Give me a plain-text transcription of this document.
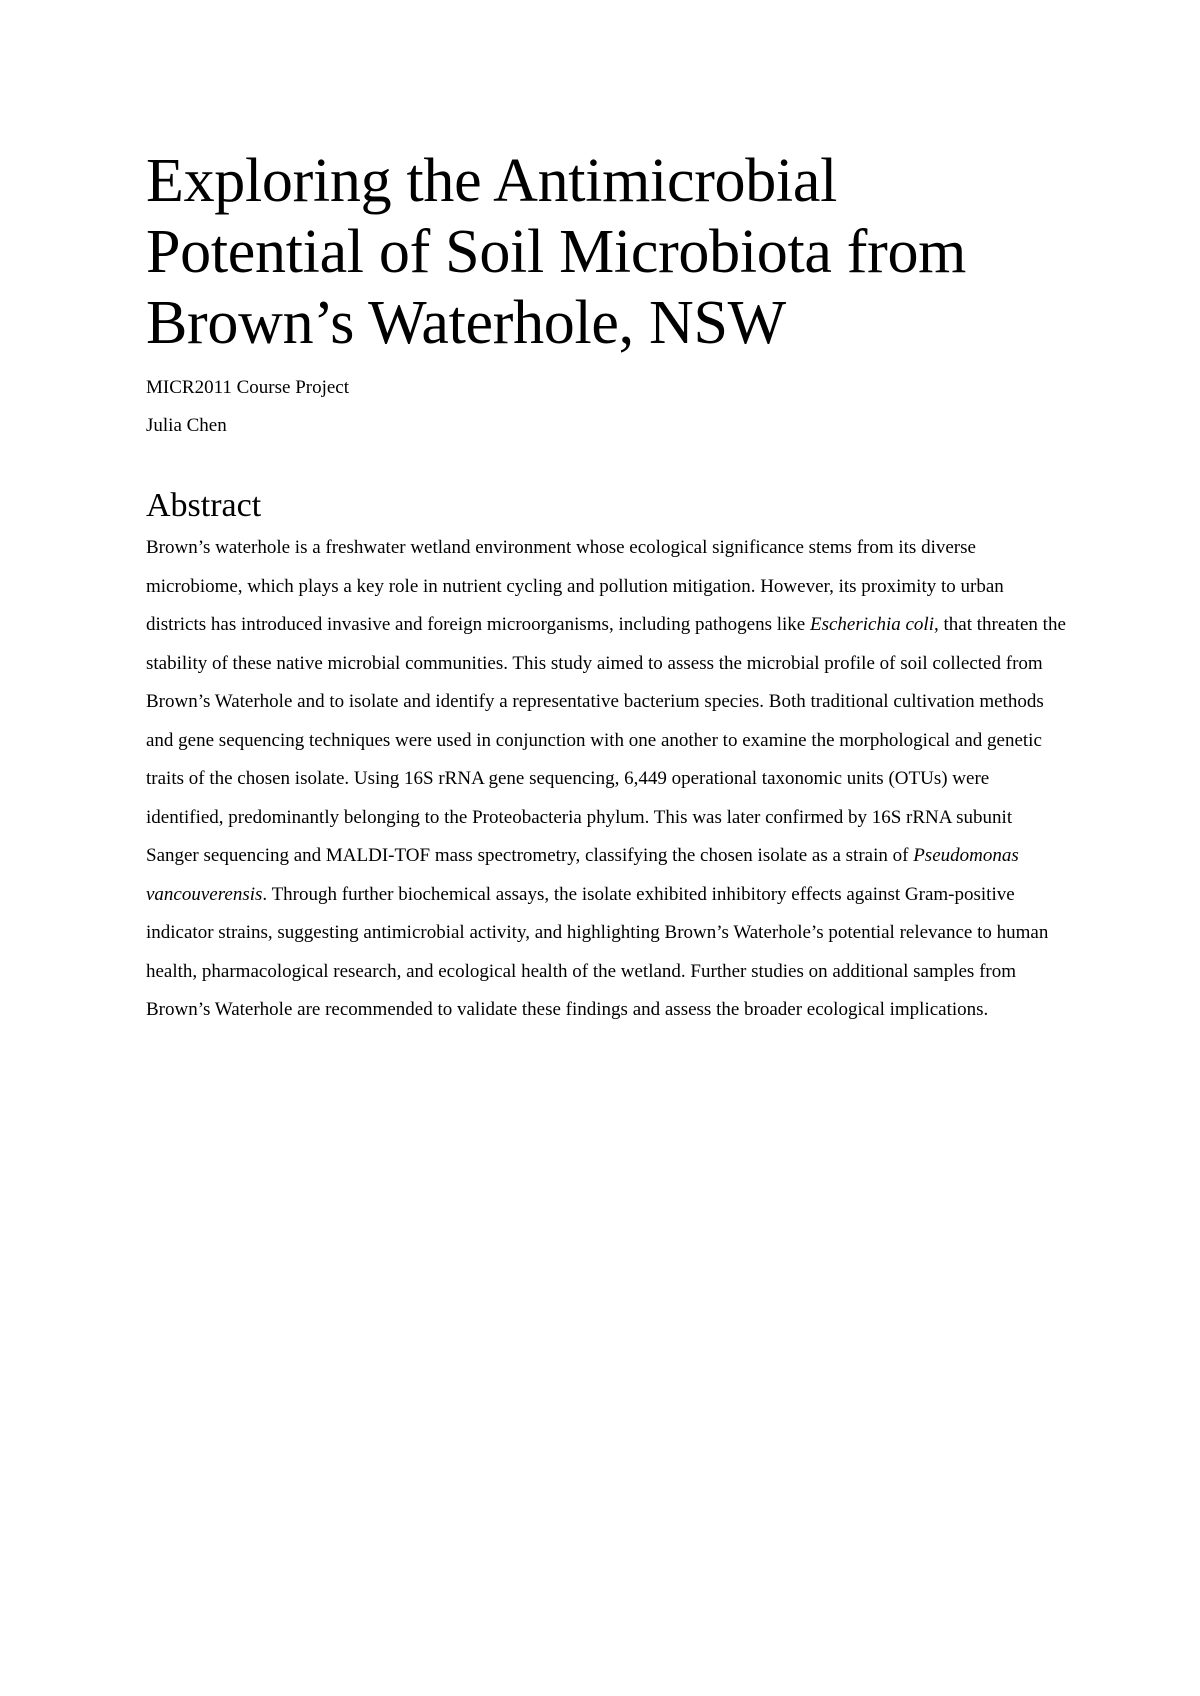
Exploring the Antimicrobial Potential of Soil Microbiota from Brown’s Waterhole, NSW

MICR2011 Course Project

Julia Chen

Abstract

Brown’s waterhole is a freshwater wetland environment whose ecological significance stems from its diverse microbiome, which plays a key role in nutrient cycling and pollution mitigation. However, its proximity to urban districts has introduced invasive and foreign microorganisms, including pathogens like Escherichia coli, that threaten the stability of these native microbial communities. This study aimed to assess the microbial profile of soil collected from Brown’s Waterhole and to isolate and identify a representative bacterium species. Both traditional cultivation methods and gene sequencing techniques were used in conjunction with one another to examine the morphological and genetic traits of the chosen isolate. Using 16S rRNA gene sequencing, 6,449 operational taxonomic units (OTUs) were identified, predominantly belonging to the Proteobacteria phylum. This was later confirmed by 16S rRNA subunit Sanger sequencing and MALDI-TOF mass spectrometry, classifying the chosen isolate as a strain of Pseudomonas vancouverensis. Through further biochemical assays, the isolate exhibited inhibitory effects against Gram-positive indicator strains, suggesting antimicrobial activity, and highlighting Brown’s Waterhole’s potential relevance to human health, pharmacological research, and ecological health of the wetland. Further studies on additional samples from Brown’s Waterhole are recommended to validate these findings and assess the broader ecological implications.
